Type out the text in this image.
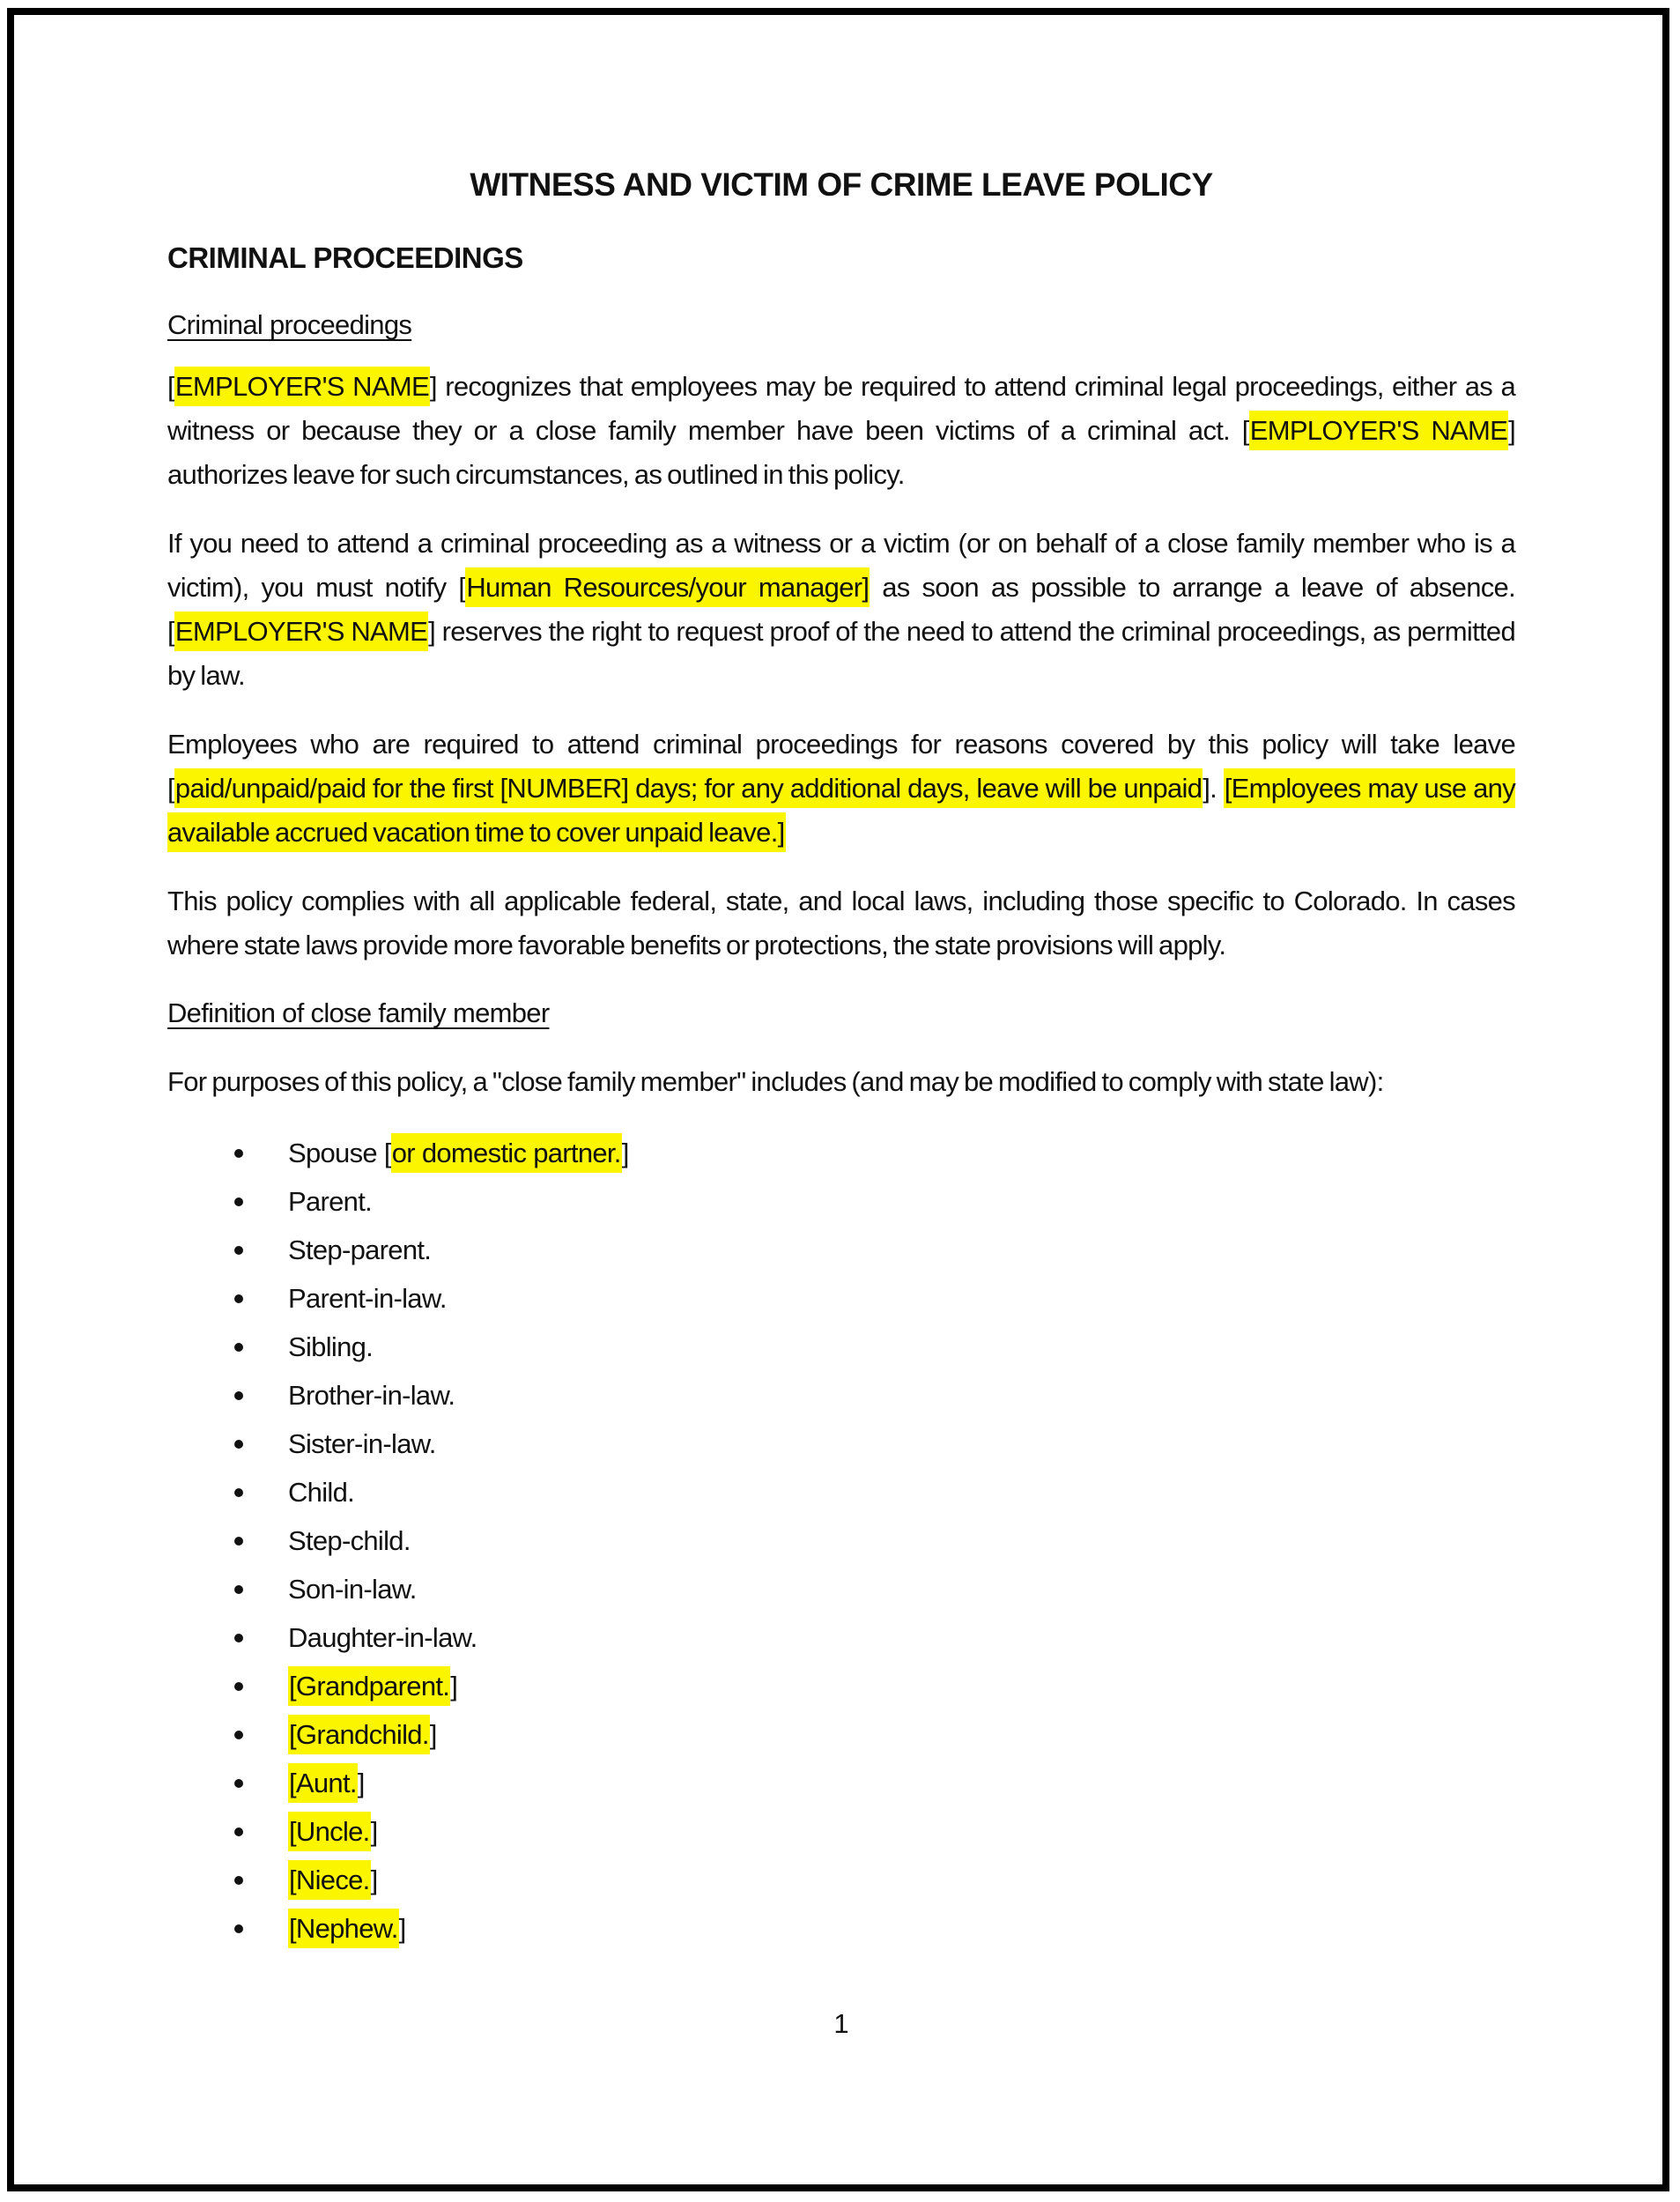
WITNESS AND VICTIM OF CRIME LEAVE POLICY
CRIMINAL PROCEEDINGS
Criminal proceedings

[EMPLOYER'S NAME] recognizes that employees may be required to attend criminal legal proceedings, either as a witness or because they or a close family member have been victims of a criminal act. [EMPLOYER'S NAME] authorizes leave for such circumstances, as outlined in this policy.

If you need to attend a criminal proceeding as a witness or a victim (or on behalf of a close family member who is a victim), you must notify [Human Resources/your manager] as soon as possible to arrange a leave of absence. [EMPLOYER'S NAME] reserves the right to request proof of the need to attend the criminal proceedings, as permitted by law.

Employees who are required to attend criminal proceedings for reasons covered by this policy will take leave [paid/unpaid/paid for the first [NUMBER] days; for any additional days, leave will be unpaid]. [Employees may use any available accrued vacation time to cover unpaid leave.]

This policy complies with all applicable federal, state, and local laws, including those specific to Colorado. In cases where state laws provide more favorable benefits or protections, the state provisions will apply.

Definition of close family member

For purposes of this policy, a "close family member" includes (and may be modified to comply with state law):

Spouse [or domestic partner.]
Parent.
Step-parent.
Parent-in-law.
Sibling.
Brother-in-law.
Sister-in-law.
Child.
Step-child.
Son-in-law.
Daughter-in-law.
[Grandparent.]
[Grandchild.]
[Aunt.]
[Uncle.]
[Niece.]
[Nephew.]
1
